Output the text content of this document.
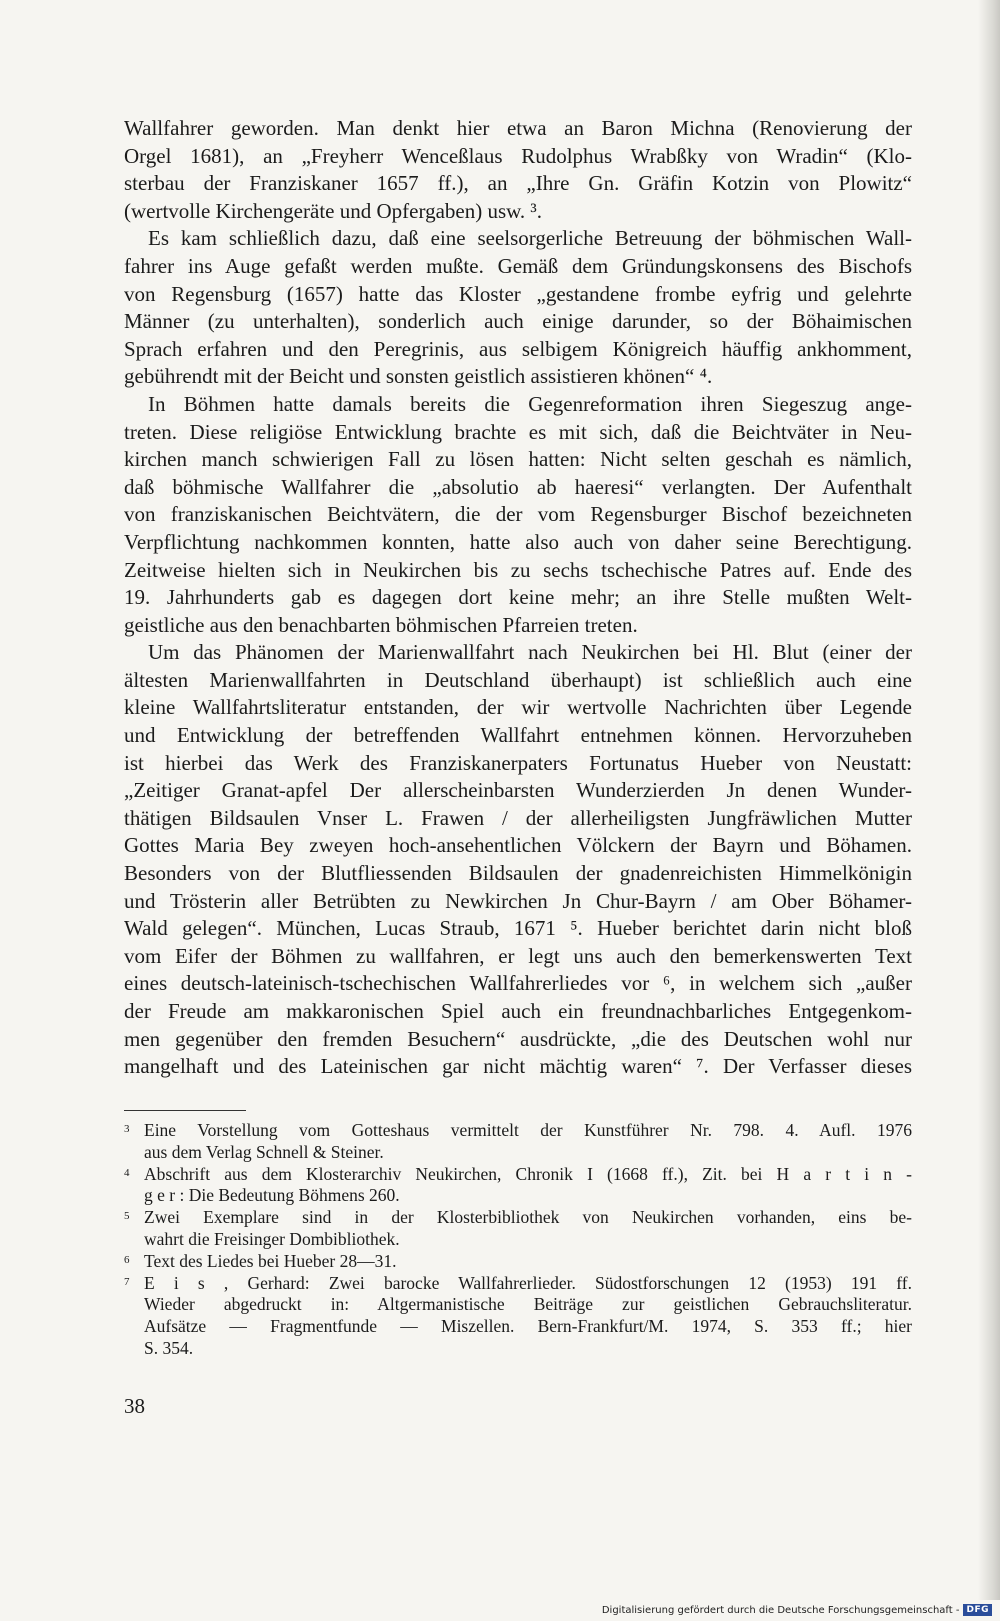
Wallfahrer geworden. Man denkt hier etwa an Baron Michna (Renovierung der
Orgel 1681), an „Freyherr Wenceßlaus Rudolphus Wrabßky von Wradin“ (Klo-
sterbau der Franziskaner 1657 ff.), an „Ihre Gn. Gräfin Kotzin von Plowitz“
(wertvolle Kirchengeräte und Opfergaben) usw. ³.
Es kam schließlich dazu, daß eine seelsorgerliche Betreuung der böhmischen Wall-
fahrer ins Auge gefaßt werden mußte. Gemäß dem Gründungskonsens des Bischofs
von Regensburg (1657) hatte das Kloster „gestandene frombe eyfrig und gelehrte
Männer (zu unterhalten), sonderlich auch einige darunder, so der Böhaimischen
Sprach erfahren und den Peregrinis, aus selbigem Königreich häuffig ankhomment,
gebührendt mit der Beicht und sonsten geistlich assistieren khönen“ ⁴.
In Böhmen hatte damals bereits die Gegenreformation ihren Siegeszug ange-
treten. Diese religiöse Entwicklung brachte es mit sich, daß die Beichtväter in Neu-
kirchen manch schwierigen Fall zu lösen hatten: Nicht selten geschah es nämlich,
daß böhmische Wallfahrer die „absolutio ab haeresi“ verlangten. Der Aufenthalt
von franziskanischen Beichtvätern, die der vom Regensburger Bischof bezeichneten
Verpflichtung nachkommen konnten, hatte also auch von daher seine Berechtigung.
Zeitweise hielten sich in Neukirchen bis zu sechs tschechische Patres auf. Ende des
19. Jahrhunderts gab es dagegen dort keine mehr; an ihre Stelle mußten Welt-
geistliche aus den benachbarten böhmischen Pfarreien treten.
Um das Phänomen der Marienwallfahrt nach Neukirchen bei Hl. Blut (einer der
ältesten Marienwallfahrten in Deutschland überhaupt) ist schließlich auch eine
kleine Wallfahrtsliteratur entstanden, der wir wertvolle Nachrichten über Legende
und Entwicklung der betreffenden Wallfahrt entnehmen können. Hervorzuheben
ist hierbei das Werk des Franziskanerpaters Fortunatus Hueber von Neustatt:
„Zeitiger Granat-apfel Der allerscheinbarsten Wunderzierden Jn denen Wunder-
thätigen Bildsaulen Vnser L. Frawen / der allerheiligsten Jungfräwlichen Mutter
Gottes Maria Bey zweyen hoch-ansehentlichen Völckern der Bayrn und Böhamen.
Besonders von der Blutfliessenden Bildsaulen der gnadenreichisten Himmelkönigin
und Trösterin aller Betrübten zu Newkirchen Jn Chur-Bayrn / am Ober Böhamer-
Wald gelegen“. München, Lucas Straub, 1671 ⁵. Hueber berichtet darin nicht bloß
vom Eifer der Böhmen zu wallfahren, er legt uns auch den bemerkenswerten Text
eines deutsch-lateinisch-tschechischen Wallfahrerliedes vor ⁶, in welchem sich „außer
der Freude am makkaronischen Spiel auch ein freundnachbarliches Entgegenkom-
men gegenüber den fremden Besuchern“ ausdrückte, „die des Deutschen wohl nur
mangelhaft und des Lateinischen gar nicht mächtig waren“ ⁷. Der Verfasser dieses
3 Eine Vorstellung vom Gotteshaus vermittelt der Kunstführer Nr. 798. 4. Aufl. 1976
aus dem Verlag Schnell & Steiner.
4 Abschrift aus dem Klosterarchiv Neukirchen, Chronik I (1668 ff.), Zit. bei H a r t i n -
g e r : Die Bedeutung Böhmens 260.
5 Zwei Exemplare sind in der Klosterbibliothek von Neukirchen vorhanden, eins be-
wahrt die Freisinger Dombibliothek.
6 Text des Liedes bei Hueber 28—31.
7 E i s , Gerhard: Zwei barocke Wallfahrerlieder. Südostforschungen 12 (1953) 191 ff.
Wieder abgedruckt in: Altgermanistische Beiträge zur geistlichen Gebrauchsliteratur.
Aufsätze — Fragmentfunde — Miszellen. Bern-Frankfurt/M. 1974, S. 353 ff.; hier
S. 354.
38
Digitalisierung gefördert durch die Deutsche Forschungsgemeinschaft - DFG
